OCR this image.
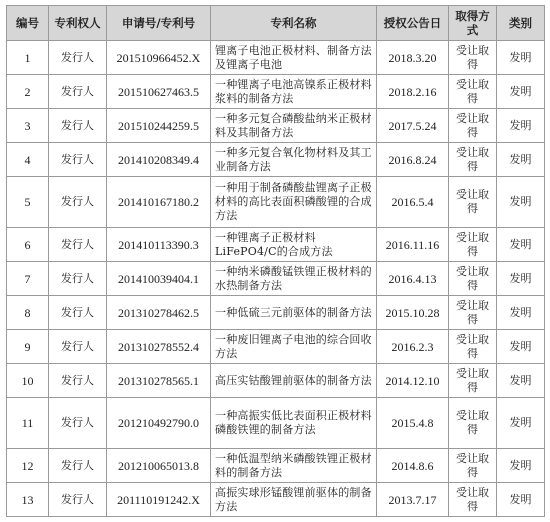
编号	专利权人	申请号/专利号	专利名称	授权公告日	取得方式	类别
1	发行人	201510966452.X	锂离子电池正极材料、制备方法及锂离子电池	2018.3.20	受让取得	发明
2	发行人	201510627463.5	一种锂离子电池高镍系正极材料浆料的制备方法	2018.2.16	受让取得	发明
3	发行人	201510244259.5	一种多元复合磷酸盐纳米正极材料及其制备方法	2017.5.24	受让取得	发明
4	发行人	201410208349.4	一种多元复合氧化物材料及其工业制备方法	2016.8.24	受让取得	发明
5	发行人	201410167180.2	一种用于制备磷酸盐锂离子正极材料的高比表面积磷酸锂的合成方法	2016.5.4	受让取得	发明
6	发行人	201410113390.3	一种锂离子正极材料LiFePO4/C的合成方法	2016.11.16	受让取得	发明
7	发行人	201410039404.1	一种纳米磷酸锰铁锂正极材料的水热制备方法	2016.4.13	受让取得	发明
8	发行人	201310278462.5	一种低硫三元前驱体的制备方法	2015.10.28	受让取得	发明
9	发行人	201310278552.4	一种废旧锂离子电池的综合回收方法	2016.2.3	受让取得	发明
10	发行人	201310278565.1	高压实钴酸锂前驱体的制备方法	2014.12.10	受让取得	发明
11	发行人	201210492790.0	一种高振实低比表面积正极材料磷酸铁锂的制备方法	2015.4.8	受让取得	发明
12	发行人	201210065013.8	一种低温型纳米磷酸铁锂正极材料的制备方法	2014.8.6	受让取得	发明
13	发行人	201110191242.X	高振实球形锰酸锂前驱体的制备方法	2013.7.17	受让取得	发明
